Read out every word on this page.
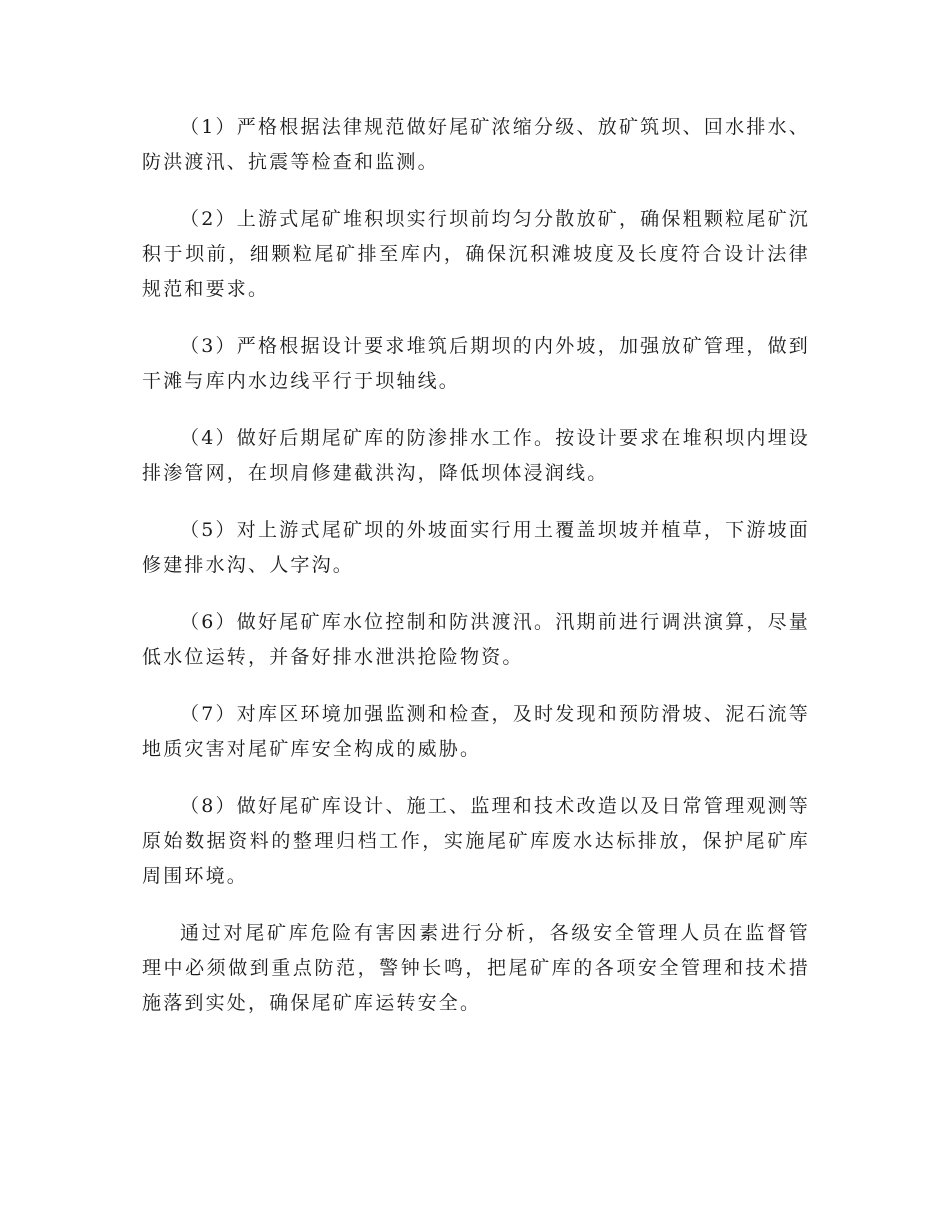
（1）严格根据法律规范做好尾矿浓缩分级、放矿筑坝、回水排水、防洪渡汛、抗震等检查和监测。

（2）上游式尾矿堆积坝实行坝前均匀分散放矿，确保粗颗粒尾矿沉积于坝前，细颗粒尾矿排至库内，确保沉积滩坡度及长度符合设计法律规范和要求。

（3）严格根据设计要求堆筑后期坝的内外坡，加强放矿管理，做到干滩与库内水边线平行于坝轴线。

（4）做好后期尾矿库的防渗排水工作。按设计要求在堆积坝内埋设排渗管网，在坝肩修建截洪沟，降低坝体浸润线。

（5）对上游式尾矿坝的外坡面实行用土覆盖坝坡并植草，下游坡面修建排水沟、人字沟。

（6）做好尾矿库水位控制和防洪渡汛。汛期前进行调洪演算，尽量低水位运转，并备好排水泄洪抢险物资。

（7）对库区环境加强监测和检查，及时发现和预防滑坡、泥石流等地质灾害对尾矿库安全构成的威胁。

（8）做好尾矿库设计、施工、监理和技术改造以及日常管理观测等原始数据资料的整理归档工作，实施尾矿库废水达标排放，保护尾矿库周围环境。

通过对尾矿库危险有害因素进行分析，各级安全管理人员在监督管理中必须做到重点防范，警钟长鸣，把尾矿库的各项安全管理和技术措施落到实处，确保尾矿库运转安全。
